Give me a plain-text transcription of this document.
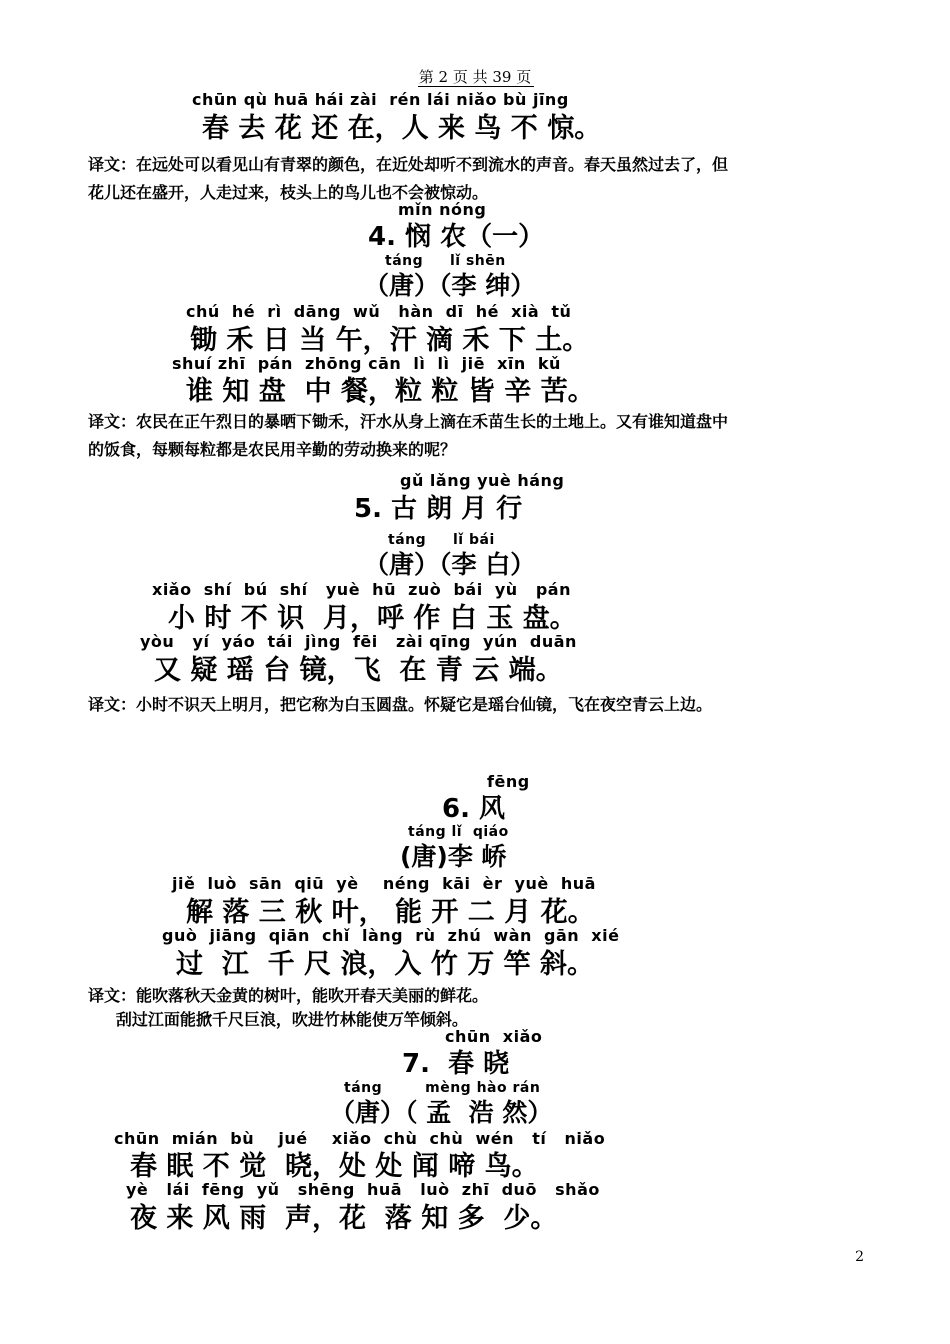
第 2 页 共 39 页
chūn qù huā hái zài  rén lái niǎo bù jīng
春 去 花 还 在，人 来 鸟 不 惊。
译文：在远处可以看见山有青翠的颜色，在近处却听不到流水的声音。春天虽然过去了，但
花儿还在盛开，人走过来，枝头上的鸟儿也不会被惊动。
mǐn nóng
4. 悯 农（一）
táng     lǐ shēn
（唐）（李 绅）
chú  hé  rì  dāng  wǔ   hàn  dī  hé  xià  tǔ
锄 禾 日 当 午，汗 滴 禾 下 土。
shuí zhī  pán  zhōng cān  lì  lì  jiē  xīn  kǔ
谁 知 盘  中 餐，粒 粒 皆 辛 苦。
译文：农民在正午烈日的暴晒下锄禾，汗水从身上滴在禾苗生长的土地上。又有谁知道盘中
的饭食，每颗每粒都是农民用辛勤的劳动换来的呢？
gǔ lǎng yuè háng
5. 古 朗 月 行
táng     lǐ bái
（唐）（李 白）
xiǎo  shí  bú  shí   yuè  hū  zuò  bái  yù   pán
小 时 不 识  月，呼 作 白 玉 盘。
yòu   yí  yáo  tái  jìng  fēi   zài qīng  yún  duān
又 疑 瑶 台 镜，飞  在 青 云 端。
译文：小时不识天上明月，把它称为白玉圆盘。怀疑它是瑶台仙镜，飞在夜空青云上边。
fēng
6. 风
táng lǐ  qiáo
(唐)李 峤
jiě  luò  sān  qiū  yè    néng  kāi  èr  yuè  huā
解 落 三 秋 叶， 能 开 二 月 花。
guò  jiāng  qiān  chǐ  làng  rù  zhú  wàn  gān  xié
过  江  千 尺 浪，入 竹 万 竿 斜。
译文：能吹落秋天金黄的树叶，能吹开春天美丽的鲜花。
刮过江面能掀千尺巨浪，吹进竹林能使万竿倾斜。
chūn  xiǎo
7.  春 晓
táng        mèng hào rán
（唐）（ 孟  浩 然）
chūn  mián  bù    jué    xiǎo  chù  chù  wén   tí   niǎo
春 眠 不 觉  晓，处 处 闻 啼 鸟。
yè   lái  fēng  yǔ   shēng  huā   luò  zhī  duō   shǎo
夜 来 风 雨  声，花  落 知 多  少。
2
